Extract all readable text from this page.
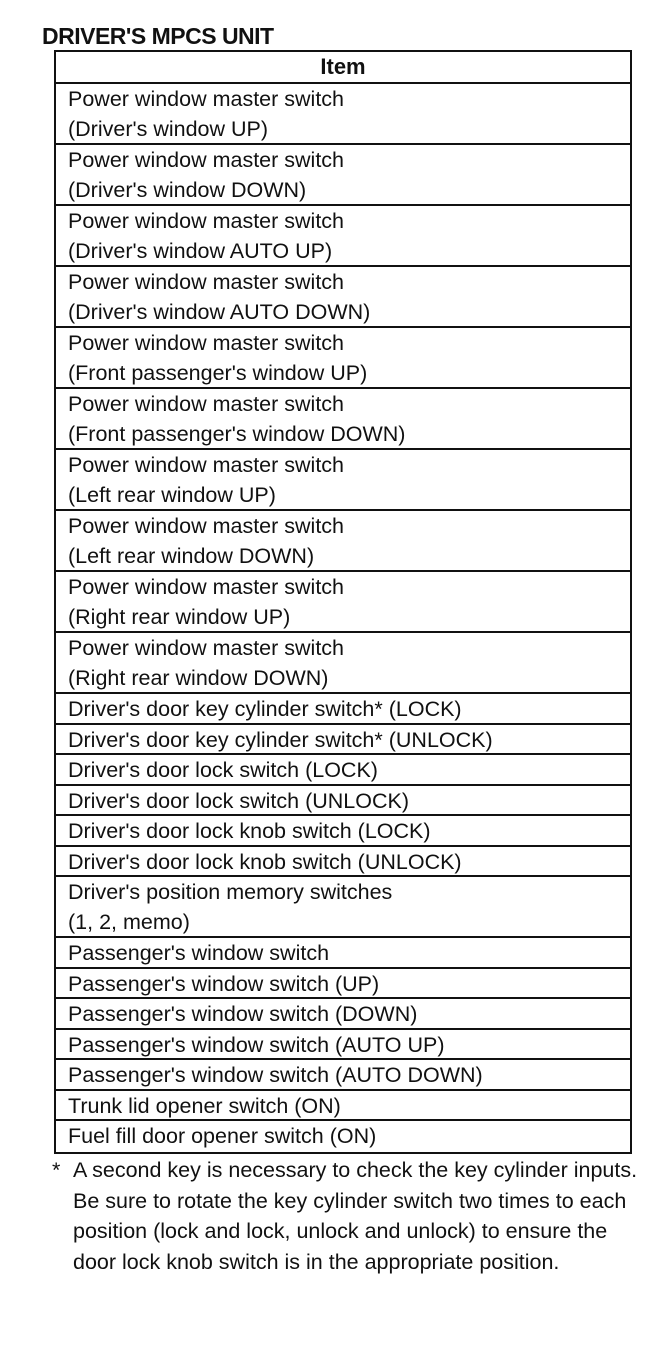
DRIVER'S MPCS UNIT
Item
Power window master switch
(Driver's window UP)
Power window master switch
(Driver's window DOWN)
Power window master switch
(Driver's window AUTO UP)
Power window master switch
(Driver's window AUTO DOWN)
Power window master switch
(Front passenger's window UP)
Power window master switch
(Front passenger's window DOWN)
Power window master switch
(Left rear window UP)
Power window master switch
(Left rear window DOWN)
Power window master switch
(Right rear window UP)
Power window master switch
(Right rear window DOWN)
Driver's door key cylinder switch* (LOCK)
Driver's door key cylinder switch* (UNLOCK)
Driver's door lock switch (LOCK)
Driver's door lock switch (UNLOCK)
Driver's door lock knob switch (LOCK)
Driver's door lock knob switch (UNLOCK)
Driver's position memory switches
(1, 2, memo)
Passenger's window switch
Passenger's window switch (UP)
Passenger's window switch (DOWN)
Passenger's window switch (AUTO UP)
Passenger's window switch (AUTO DOWN)
Trunk lid opener switch (ON)
Fuel fill door opener switch (ON)
* A second key is necessary to check the key cylinder inputs.

Be sure to rotate the key cylinder switch two times to each position (lock and lock, unlock and unlock) to ensure the door lock knob switch is in the appropriate position.
